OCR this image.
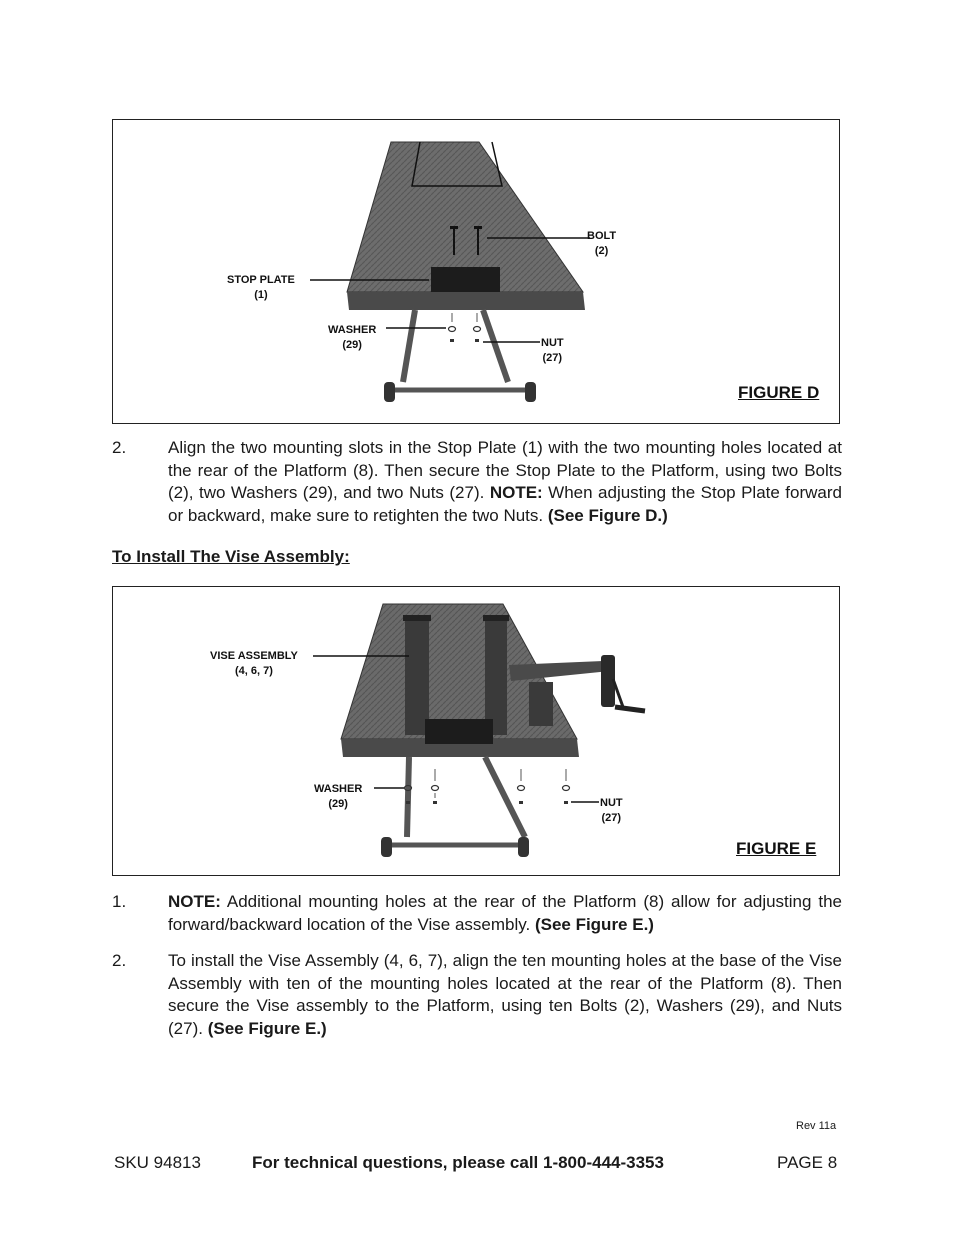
BOLT
(2)
STOP PLATE
(1)
WASHER
(29)	NUT
(27)
FIGURE D
2. Align the two mounting slots in the Stop Plate (1) with the two mounting holes located at the rear of the Platform (8). Then secure the Stop Plate to the Platform, using two Bolts (2), two Washers (29), and two Nuts (27). NOTE: When adjusting the Stop Plate forward or backward, make sure to retighten the two Nuts. (See Figure D.)
To Install The Vise Assembly:
VISE ASSEMBLY
(4, 6, 7)
WASHER
(29)	NUT
(27)
FIGURE E
1. NOTE: Additional mounting holes at the rear of the Platform (8) allow for adjusting the forward/backward location of the Vise assembly. (See Figure E.)
2. To install the Vise Assembly (4, 6, 7), align the ten mounting holes at the base of the Vise Assembly with ten of the mounting holes located at the rear of the Platform (8). Then secure the Vise assembly to the Platform, using ten Bolts (2), Washers (29), and Nuts (27). (See Figure E.)
Rev 11a
SKU 94813	For technical questions, please call 1-800-444-3353	PAGE 8
